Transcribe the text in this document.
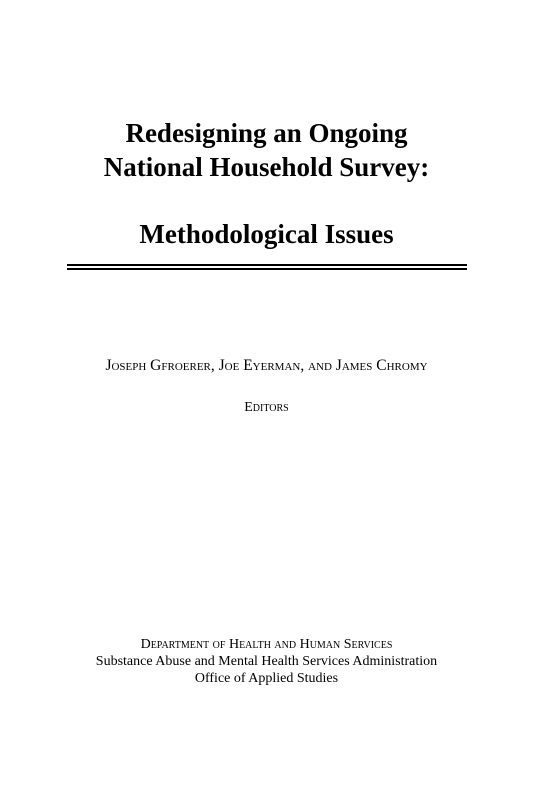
Redesigning an Ongoing
National Household Survey:
Methodological Issues
Joseph Gfroerer, Joe Eyerman, and James Chromy
Editors
Department of Health and Human Services
Substance Abuse and Mental Health Services Administration
Office of Applied Studies
